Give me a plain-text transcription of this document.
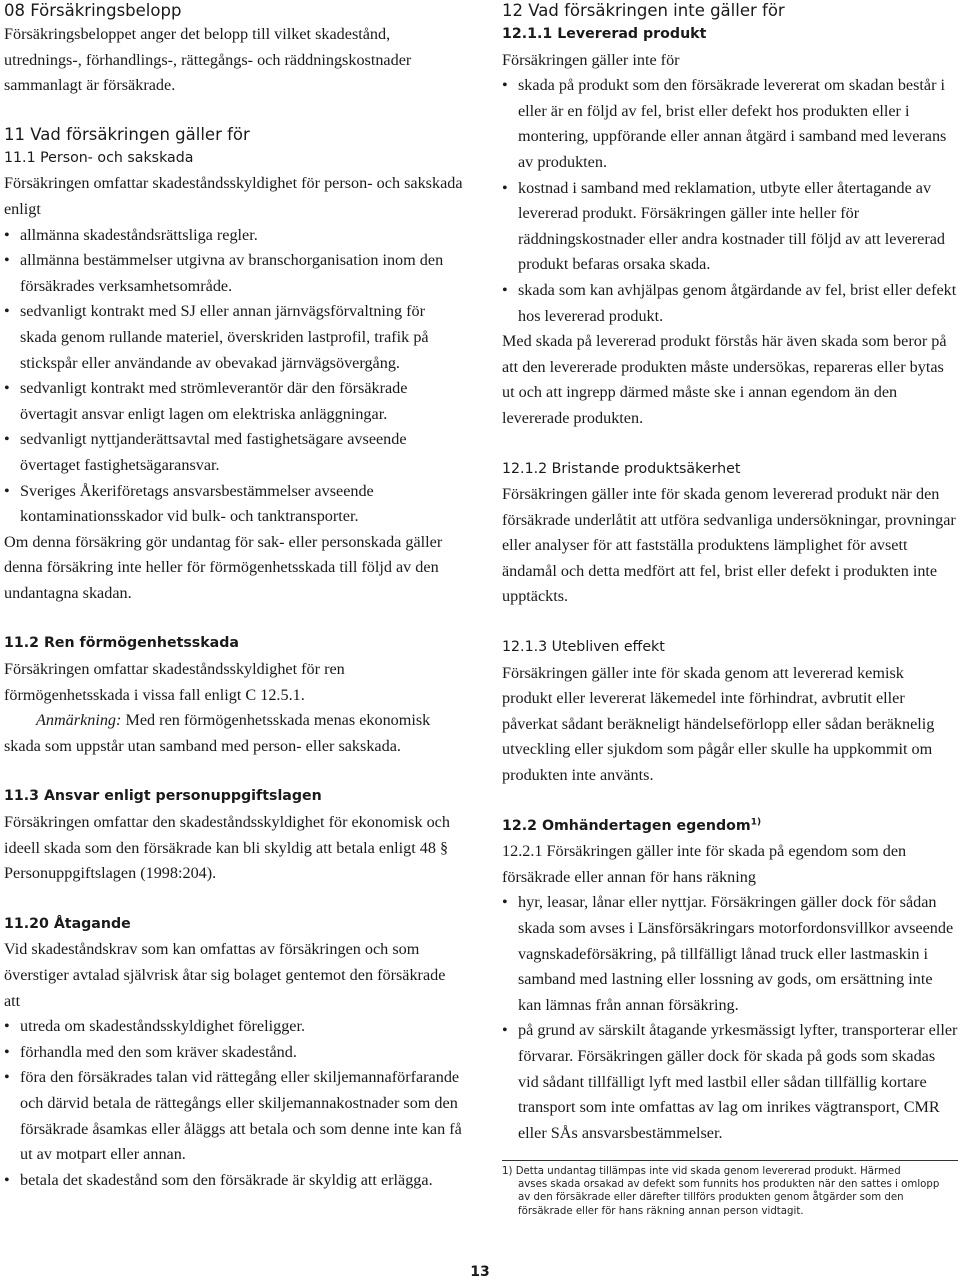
08 Försäkringsbelopp

Försäkringsbeloppet anger det belopp till vilket skadestånd, utrednings-, förhandlings-, rättegångs- och räddningskostnader sammanlagt är försäkrade.

11 Vad försäkringen gäller för
11.1 Person- och sakskada

Försäkringen omfattar skadeståndsskyldighet för person- och sakskada enligt

• allmänna skadeståndsrättsliga regler.
• allmänna bestämmelser utgivna av branschorganisation inom den försäkrades verksamhetsområde.
• sedvanligt kontrakt med SJ eller annan järnvägsförvaltning för skada genom rullande materiel, överskriden lastprofil, trafik på stickspår eller användande av obevakad järnvägsövergång.
• sedvanligt kontrakt med strömleverantör där den försäkrade övertagit ansvar enligt lagen om elektriska anläggningar.
• sedvanligt nyttjanderättsavtal med fastighetsägare avseende övertaget fastighetsägaransvar.
• Sveriges Åkeriföretags ansvarsbestämmelser avseende kontaminationsskador vid bulk- och tanktransporter.

Om denna försäkring gör undantag för sak- eller personskada gäller denna försäkring inte heller för förmögenhetsskada till följd av den undantagna skadan.

11.2 Ren förmögenhetsskada

Försäkringen omfattar skadeståndsskyldighet för ren förmögenhetsskada i vissa fall enligt C 12.5.1.

Anmärkning: Med ren förmögenhetsskada menas ekonomisk skada som uppstår utan samband med person- eller sakskada.

11.3 Ansvar enligt personuppgiftslagen

Försäkringen omfattar den skadeståndsskyldighet för ekonomisk och ideell skada som den försäkrade kan bli skyldig att betala enligt 48 § Personuppgiftslagen (1998:204).

11.20 Åtagande

Vid skadeståndskrav som kan omfattas av försäkringen och som överstiger avtalad självrisk åtar sig bolaget gentemot den försäkrade att

• utreda om skadeståndsskyldighet föreligger.
• förhandla med den som kräver skadestånd.
• föra den försäkrades talan vid rättegång eller skiljemannaförfarande och därvid betala de rättegångs eller skiljemannakostnader som den försäkrade åsamkas eller åläggs att betala och som denne inte kan få ut av motpart eller annan.
• betala det skadestånd som den försäkrade är skyldig att erlägga.
12 Vad försäkringen inte gäller för
12.1.1 Levererad produkt

Försäkringen gäller inte för

• skada på produkt som den försäkrade levererat om skadan består i eller är en följd av fel, brist eller defekt hos produkten eller i montering, uppförande eller annan åtgärd i samband med leverans av produkten.
• kostnad i samband med reklamation, utbyte eller återtagande av levererad produkt. Försäkringen gäller inte heller för räddningskostnader eller andra kostnader till följd av att levererad produkt befaras orsaka skada.
• skada som kan avhjälpas genom åtgärdande av fel, brist eller defekt hos levererad produkt.

Med skada på levererad produkt förstås här även skada som beror på att den levererade produkten måste undersökas, repareras eller bytas ut och att ingrepp därmed måste ske i annan egendom än den levererade produkten.

12.1.2 Bristande produktsäkerhet

Försäkringen gäller inte för skada genom levererad produkt när den försäkrade underlåtit att utföra sedvanliga undersökningar, provningar eller analyser för att fastställa produktens lämplighet för avsett ändamål och detta medfört att fel, brist eller defekt i produkten inte upptäckts.

12.1.3 Utebliven effekt

Försäkringen gäller inte för skada genom att levererad kemisk produkt eller levererat läkemedel inte förhindrat, avbrutit eller påverkat sådant beräkneligt händelseförlopp eller sådan beräknelig utveckling eller sjukdom som pågår eller skulle ha uppkommit om produkten inte använts.

12.2 Omhändertagen egendom$^{1)}$

12.2.1 Försäkringen gäller inte för skada på egendom som den försäkrade eller annan för hans räkning

• hyr, leasar, lånar eller nyttjar. Försäkringen gäller dock för sådan skada som avses i Länsförsäkringars motorfordonsvillkor avseende vagnskadeförsäkring, på tillfälligt lånad truck eller lastmaskin i samband med lastning eller lossning av gods, om ersättning inte kan lämnas från annan försäkring.
• på grund av särskilt åtagande yrkesmässigt lyfter, transporterar eller förvarar. Försäkringen gäller dock för skada på gods som skadas vid sådant tillfälligt lyft med lastbil eller sådan tillfällig kortare transport som inte omfattas av lag om inrikes vägtransport, CMR eller SÅs ansvarsbestämmelser.
1) Detta undantag tillämpas inte vid skada genom levererad produkt. Härmed
avses skada orsakad av defekt som funnits hos produkten när den sattes i omlopp av den försäkrade eller därefter tillförs produkten genom åtgärder som den försäkrade eller för hans räkning annan person vidtagit.
13
